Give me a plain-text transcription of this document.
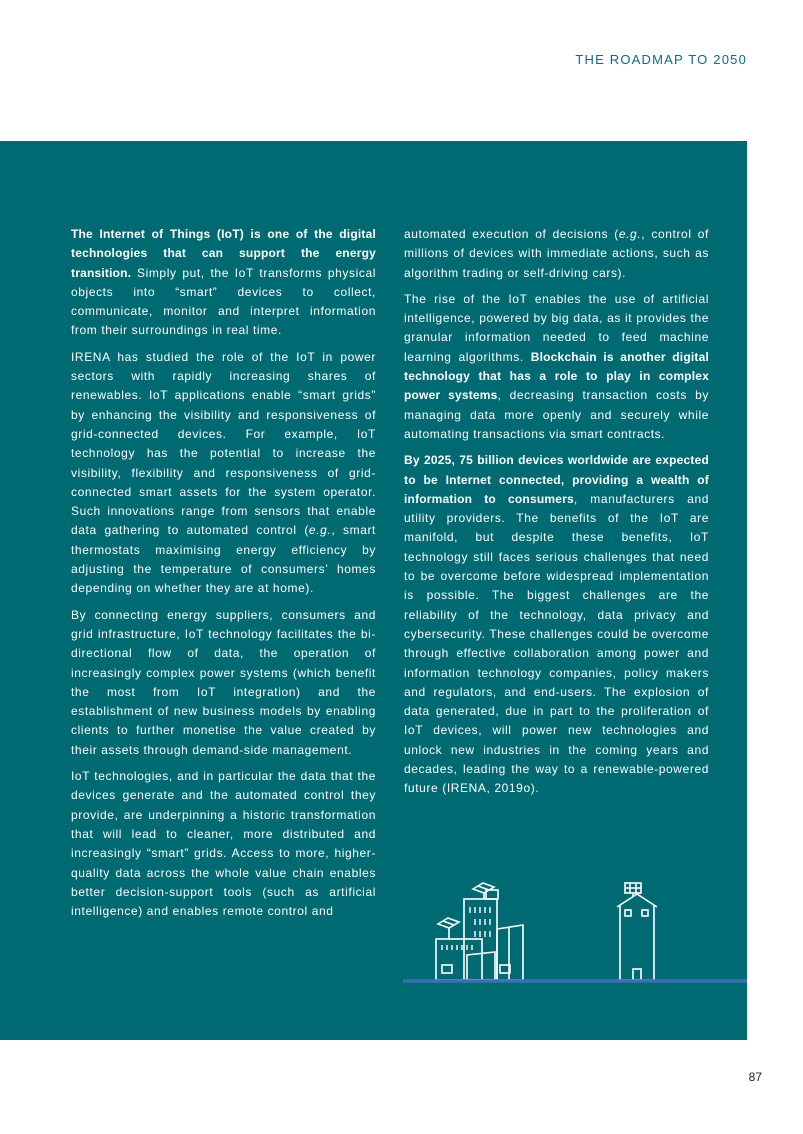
THE ROADMAP TO 2050

The Internet of Things (IoT) is one of the digital technologies that can support the energy transition. Simply put, the IoT transforms physical objects into “smart” devices to collect, communicate, monitor and interpret information from their surroundings in real time.

IRENA has studied the role of the IoT in power sectors with rapidly increasing shares of renewables. IoT applications enable “smart grids” by enhancing the visibility and responsiveness of grid-connected devices. For example, IoT technology has the potential to increase the visibility, flexibility and responsiveness of grid-connected smart assets for the system operator. Such innovations range from sensors that enable data gathering to automated control (e.g., smart thermostats maximising energy efficiency by adjusting the temperature of consumers’ homes depending on whether they are at home).

By connecting energy suppliers, consumers and grid infrastructure, IoT technology facilitates the bi-directional flow of data, the operation of increasingly complex power systems (which benefit the most from IoT integration) and the establishment of new business models by enabling clients to further monetise the value created by their assets through demand-side management.

IoT technologies, and in particular the data that the devices generate and the automated control they provide, are underpinning a historic transformation that will lead to cleaner, more distributed and increasingly “smart” grids. Access to more, higher-quality data across the whole value chain enables better decision-support tools (such as artificial intelligence) and enables remote control and

automated execution of decisions (e.g., control of millions of devices with immediate actions, such as algorithm trading or self-driving cars).

The rise of the IoT enables the use of artificial intelligence, powered by big data, as it provides the granular information needed to feed machine learning algorithms. Blockchain is another digital technology that has a role to play in complex power systems, decreasing transaction costs by managing data more openly and securely while automating transactions via smart contracts.

By 2025, 75 billion devices worldwide are expected to be Internet connected, providing a wealth of information to consumers, manufacturers and utility providers. The benefits of the IoT are manifold, but despite these benefits, IoT technology still faces serious challenges that need to be overcome before widespread implementation is possible. The biggest challenges are the reliability of the technology, data privacy and cybersecurity. These challenges could be overcome through effective collaboration among power and information technology companies, policy makers and regulators, and end-users. The explosion of data generated, due in part to the proliferation of IoT devices, will power new technologies and unlock new industries in the coming years and decades, leading the way to a renewable-powered future (IRENA, 2019o).

87
